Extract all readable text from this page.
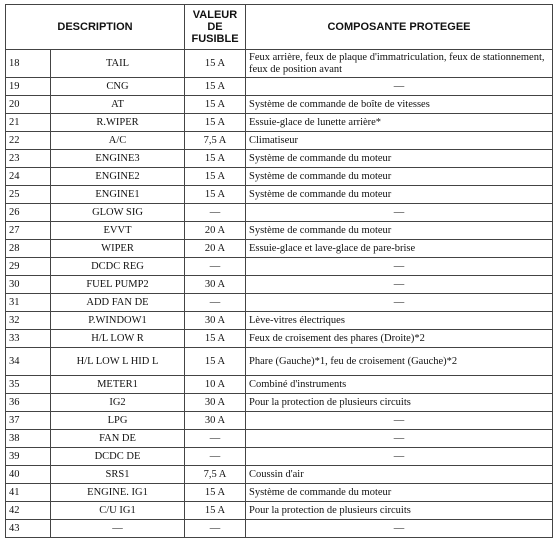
DESCRIPTION		VALEUR DE FUSIBLE	COMPOSANTE PROTEGEE
18	TAIL	15 A	Feux arrière, feux de plaque d'immatriculation, feux de stationnement, feux de position avant
19	CNG	15 A	—
20	AT	15 A	Système de commande de boîte de vitesses
21	R.WIPER	15 A	Essuie-glace de lunette arrière*
22	A/C	7,5 A	Climatiseur
23	ENGINE3	15 A	Système de commande du moteur
24	ENGINE2	15 A	Système de commande du moteur
25	ENGINE1	15 A	Système de commande du moteur
26	GLOW SIG	—	—
27	EVVT	20 A	Système de commande du moteur
28	WIPER	20 A	Essuie-glace et lave-glace de pare-brise
29	DCDC REG	—	—
30	FUEL PUMP2	30 A	—
31	ADD FAN DE	—	—
32	P.WINDOW1	30 A	Lève-vitres électriques
33	H/L LOW R	15 A	Feux de croisement des phares (Droite)*2
34	H/L LOW L HID L	15 A	Phare (Gauche)*1, feu de croisement (Gauche)*2
35	METER1	10 A	Combiné d'instruments
36	IG2	30 A	Pour la protection de plusieurs circuits
37	LPG	30 A	—
38	FAN DE	—	—
39	DCDC DE	—	—
40	SRS1	7,5 A	Coussin d'air
41	ENGINE. IG1	15 A	Système de commande du moteur
42	C/U IG1	15 A	Pour la protection de plusieurs circuits
43	—	—	—
